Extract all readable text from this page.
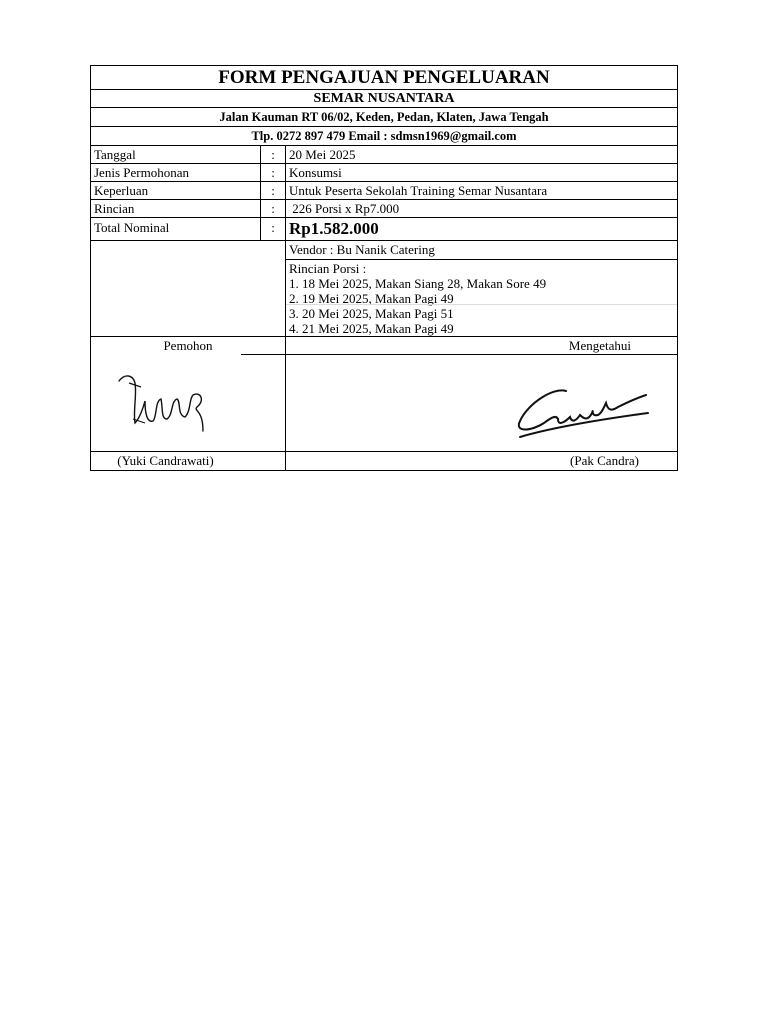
FORM PENGAJUAN PENGELUARAN
SEMAR NUSANTARA
Jalan Kauman RT 06/02, Keden, Pedan, Klaten, Jawa Tengah
Tlp. 0272 897 479 Email : sdmsn1969@gmail.com
Tanggal	:	20 Mei 2025
Jenis Permohonan	:	Konsumsi
Keperluan	:	Untuk Peserta Sekolah Training Semar Nusantara
Rincian	:	226 Porsi x Rp7.000
Total Nominal	: Rp1.582.000
Vendor : Bu Nanik Catering
Rincian Porsi :
1. 18 Mei 2025, Makan Siang 28, Makan Sore 49
2. 19 Mei 2025, Makan Pagi 49
3. 20 Mei 2025, Makan Pagi 51
4. 21 Mei 2025, Makan Pagi 49
Pemohon
(Yuki Candrawati)
Mengetahui
(Pak Candra)
